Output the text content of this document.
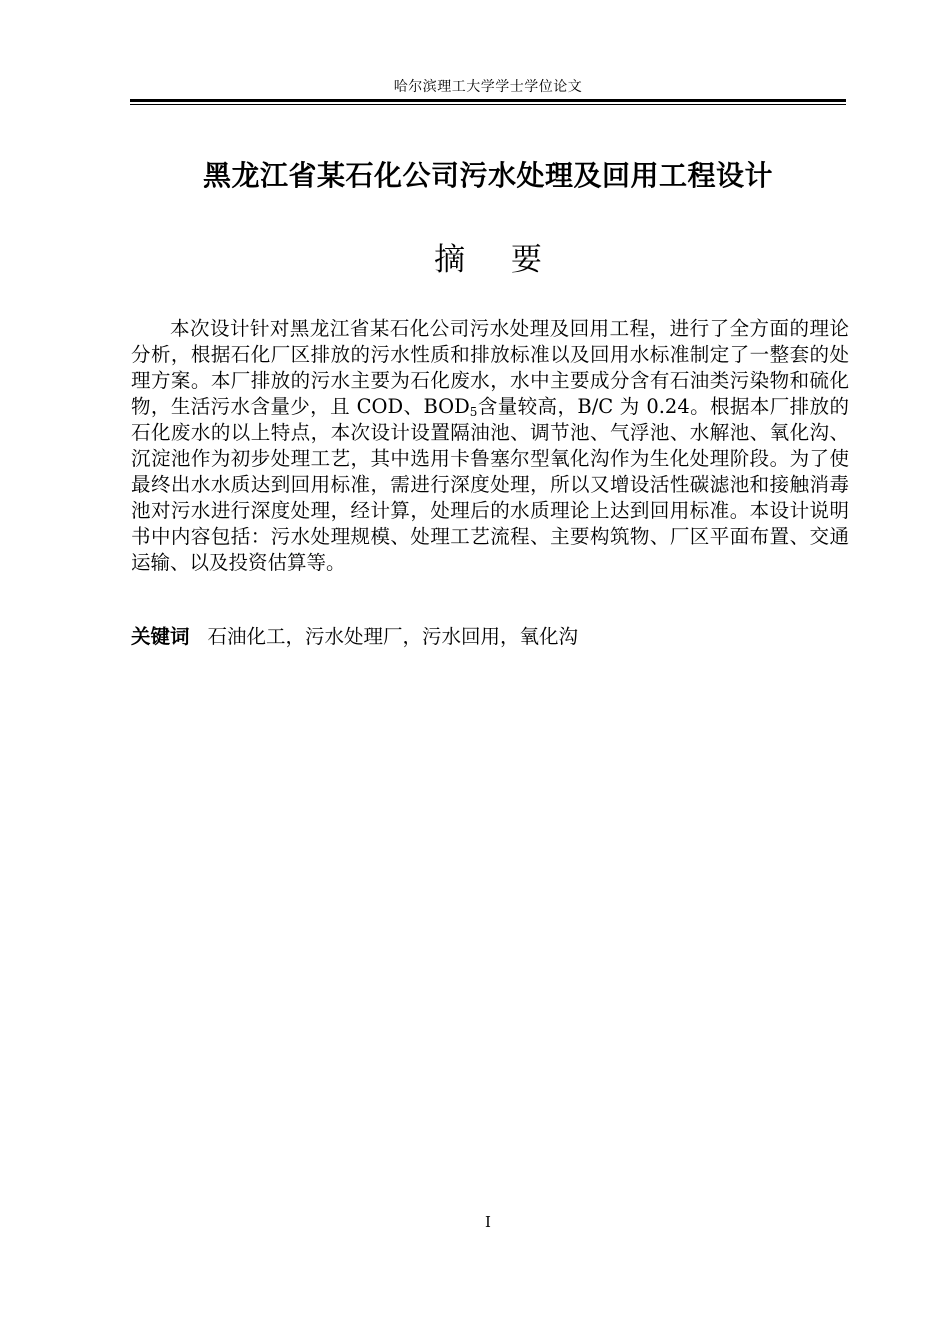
哈尔滨理工大学学士学位论文
黑龙江省某石化公司污水处理及回用工程设计
摘 要

本次设计针对黑龙江省某石化公司污水处理及回用工程，进行了全方面的理论分析，根据石化厂区排放的污水性质和排放标准以及回用水标准制定了一整套的处理方案。本厂排放的污水主要为石化废水，水中主要成分含有石油类污染物和硫化物，生活污水含量少，且 COD、$BOD_5$含量较高，B/C 为 0.24。根据本厂排放的石化废水的以上特点，本次设计设置隔油池、调节池、气浮池、水解池、氧化沟、沉淀池作为初步处理工艺，其中选用卡鲁塞尔型氧化沟作为生化处理阶段。为了使最终出水水质达到回用标准，需进行深度处理，所以又增设活性碳滤池和接触消毒池对污水进行深度处理，经计算，处理后的水质理论上达到回用标准。本设计说明书中内容包括：污水处理规模、处理工艺流程、主要构筑物、厂区平面布置、交通运输、以及投资估算等。

关键词 石油化工，污水处理厂，污水回用，氧化沟
I
